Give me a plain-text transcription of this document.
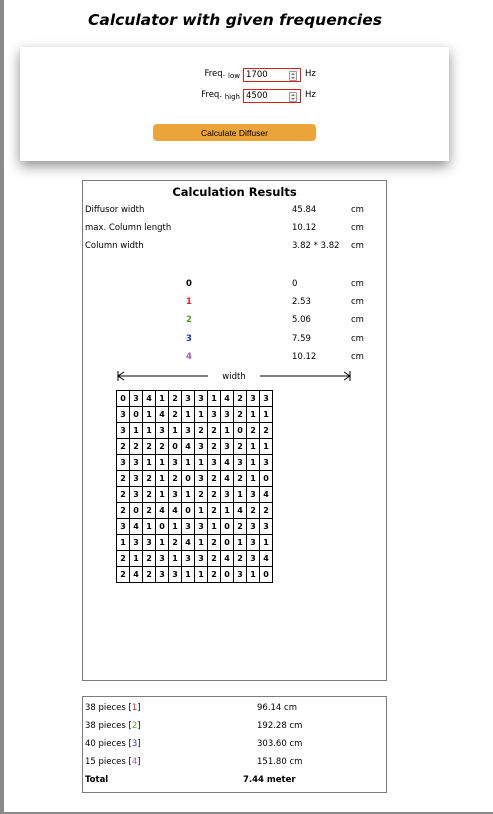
Calculator with given frequencies
Freq. $_{low}$ 1700	Hz
Freq. $_{high}$ 4500	Hz
Calculate Diffuser
Calculation Results
Diffusor width	45.84	cm
max. Column length	10.12	cm
Column width	3.82 * 3.82 cm
0	0	cm
1	2.53	cm
2	5.06	cm
3	7.59	cm
4	10.12	cm
width
0	3	4	1	2	3	3	1	4	2	3	3
3	0	1	4	2	1	1	3	3	2	1	1
3	1	1	3	1	3	2	2	1	0	2	2
2	2	2	2	0	4	3	2	3	2	1	1
3	3	1	1	3	1	1	3	4	3	1	3
2	3	2	1	2	0	3	2	4	2	1	0
2	3	2	1	3	1	2	2	3	1	3	4
2	0	2	4	4	0	1	2	1	4	2	2
3	4	1	0	1	3	3	1	0	2	3	3
1	3	3	1	2	4	1	2	0	1	3	1
2	1	2	3	1	3	3	2	4	2	3	4
2	4	2	3	3	1	1	2	0	3	1	0
38 pieces [1]	96.14 cm
38 pieces [2]	192.28 cm
40 pieces [3]	303.60 cm
15 pieces [4]	151.80 cm
Total	7.44 meter
